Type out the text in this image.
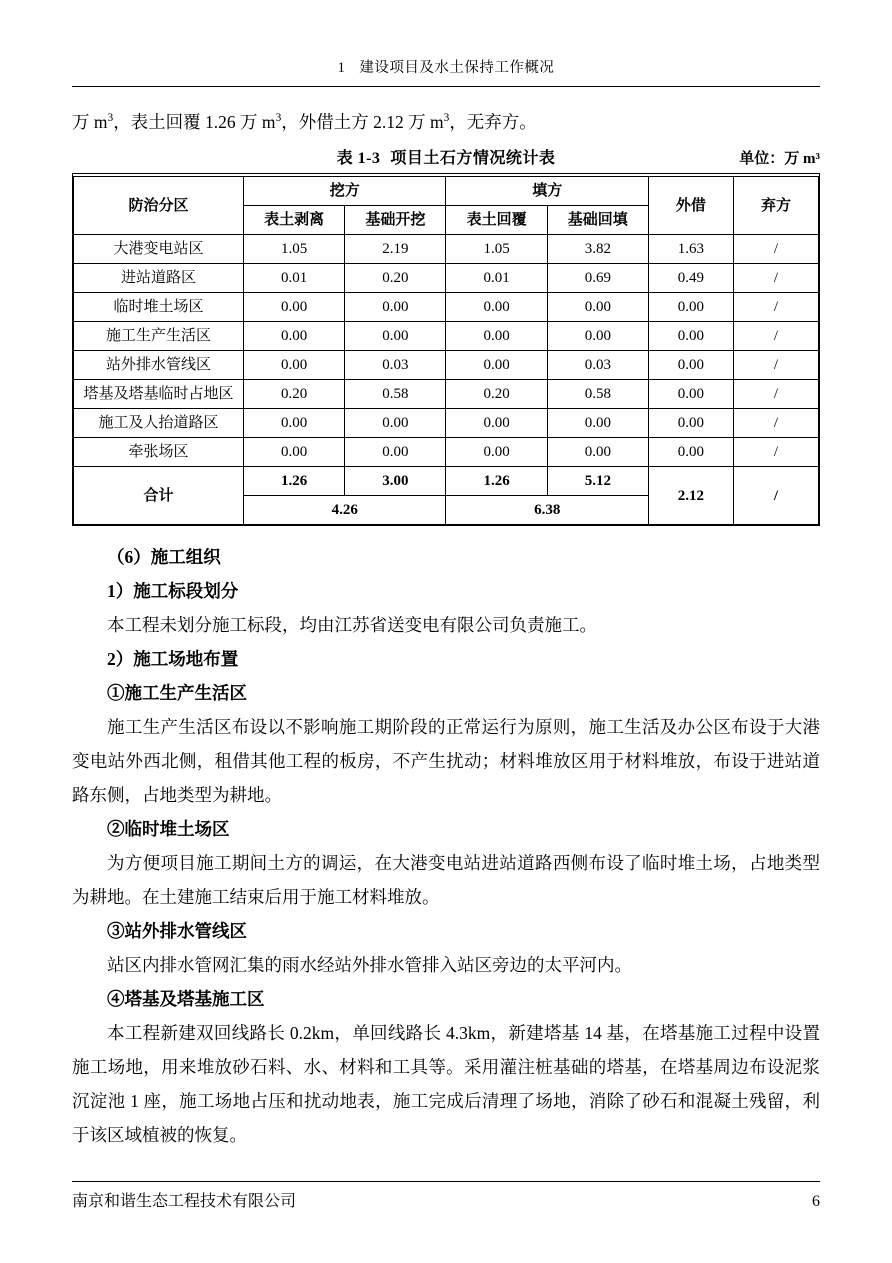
1 建设项目及水土保持工作概况

万 $m^3$，表土回覆 1.26 万 $m^3$，外借土方 2.12 万 $m^3$，无弃方。

表 1-3 项目土石方情况统计表	单位：万 m³
防治分区	挖方		填方		外借	弃方
	表土剥离	基础开挖	表土回覆	基础回填		
大港变电站区	1.05	2.19	1.05	3.82	1.63	/
进站道路区	0.01	0.20	0.01	0.69	0.49	/
临时堆土场区	0.00	0.00	0.00	0.00	0.00	/
施工生产生活区	0.00	0.00	0.00	0.00	0.00	/
站外排水管线区	0.00	0.03	0.00	0.03	0.00	/
塔基及塔基临时占地区	0.20	0.58	0.20	0.58	0.00	/
施工及人抬道路区	0.00	0.00	0.00	0.00	0.00	/
牵张场区	0.00	0.00	0.00	0.00	0.00	/
合计	1.26	3.00	1.26	5.12	2.12	/
	4.26		6.38			

（6）施工组织

1）施工标段划分

本工程未划分施工标段，均由江苏省送变电有限公司负责施工。

2）施工场地布置

①施工生产生活区

施工生产生活区布设以不影响施工期阶段的正常运行为原则，施工生活及办公区布设于大港变电站外西北侧，租借其他工程的板房，不产生扰动；材料堆放区用于材料堆放，布设于进站道路东侧，占地类型为耕地。

②临时堆土场区

为方便项目施工期间土方的调运，在大港变电站进站道路西侧布设了临时堆土场，占地类型为耕地。在土建施工结束后用于施工材料堆放。

③站外排水管线区

站区内排水管网汇集的雨水经站外排水管排入站区旁边的太平河内。

④塔基及塔基施工区

本工程新建双回线路长 0.2km，单回线路长 4.3km，新建塔基 14 基，在塔基施工过程中设置施工场地，用来堆放砂石料、水、材料和工具等。采用灌注桩基础的塔基，在塔基周边布设泥浆沉淀池 1 座，施工场地占压和扰动地表，施工完成后清理了场地，消除了砂石和混凝土残留，利于该区域植被的恢复。

南京和谐生态工程技术有限公司	6
